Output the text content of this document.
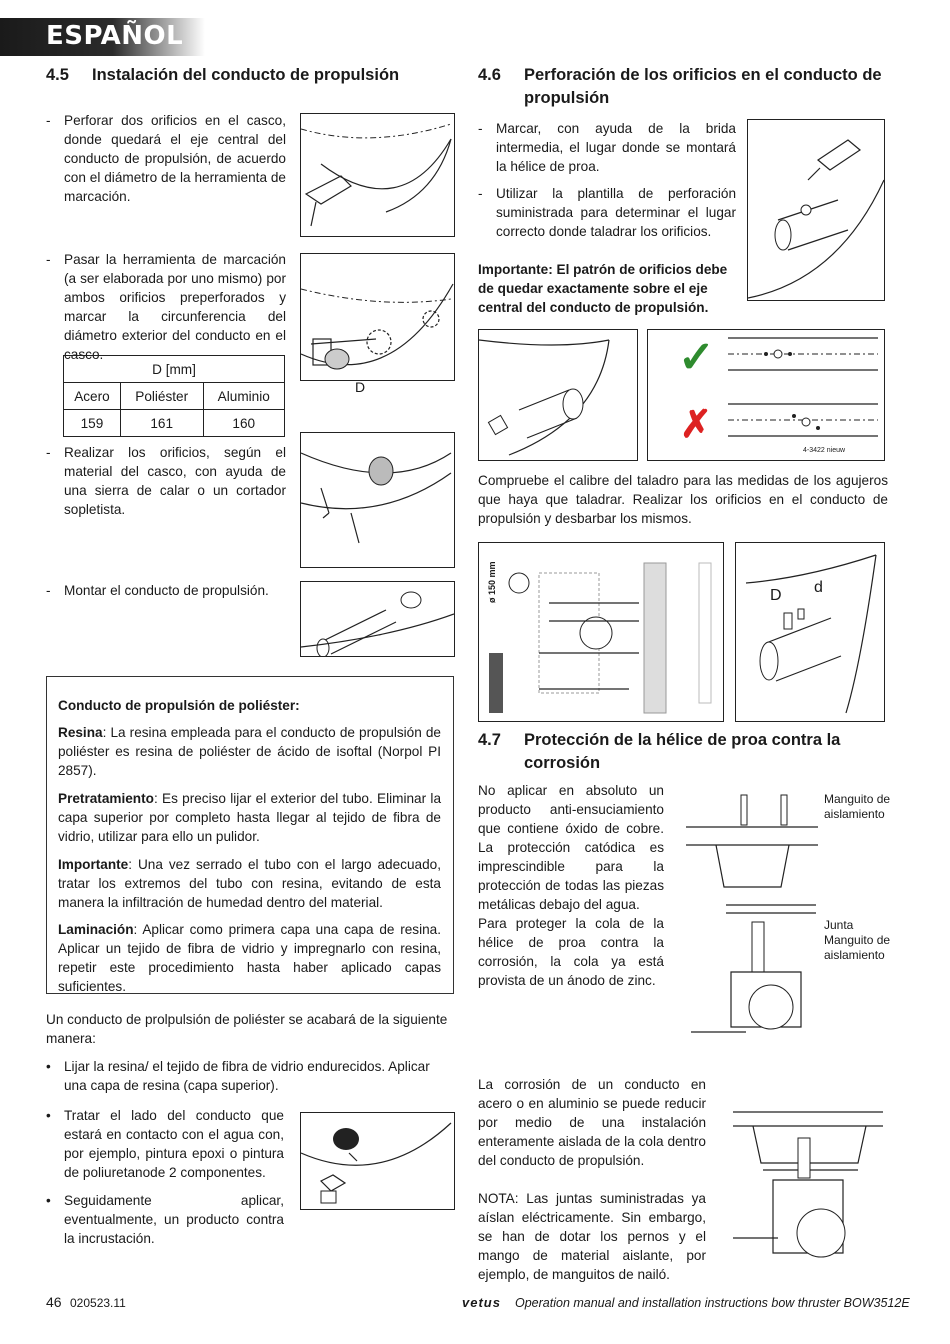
ESPAÑOL
4.5 Instalación del conducto de propulsión
- Perforar dos orificios en el casco, donde quedará el eje central del conducto de propulsión, de acuerdo con el diámetro de la herramienta de marcación.
- Pasar la herramienta de marcación (a ser elaborada por uno mismo) por ambos orificios preperforados y marcar la circunferencia del diámetro exterior del conducto en el casco.
D [mm]		
Acero	Poliéster	Aluminio
159	161	160
- Realizar los orificios, según el material del casco, con ayuda de una sierra de calar o un cortador sopletista.
- Montar el conducto de propulsión.
D
Conducto de propulsión de poliéster:
Resina: La resina empleada para el conducto de propulsión de poliéster es resina de poliéster de ácido de isoftal (Norpol PI 2857).
Pretratamiento: Es preciso lijar el exterior del tubo. Eliminar la capa superior por completo hasta llegar al tejido de fibra de vidrio, utilizar para ello un pulidor.
Importante: Una vez serrado el tubo con el largo adecuado, tratar los extremos del tubo con resina, evitando de esta manera la infiltración de humedad dentro del material.
Laminación: Aplicar como primera capa una capa de resina. Aplicar un tejido de fibra de vidrio y impregnarlo con resina, repetir este procedimiento hasta haber aplicado capas suficientes.
Un conducto de prolpulsión de poliéster se acabará de la siguiente manera:
• Lijar la resina/ el tejido de fibra de vidrio endurecidos. Aplicar una capa de resina (capa superior).
• Tratar el lado del conducto que estará en contacto con el agua con, por ejemplo, pintura epoxi o pintura de poliuretanode 2 componentes.
• Seguidamente aplicar, eventualmente, un producto contra la incrustación.
4.6	Perforación de los orificios en el conducto de propulsión
- Marcar, con ayuda de la brida intermedia, el lugar donde se montará la hélice de proa.
- Utilizar la plantilla de perforación suministrada para determinar el lugar correcto donde taladrar los orificios.
Importante: El patrón de orificios debe de quedar exactamente sobre el eje central del conducto de propulsión.
✓
✗
4-3422 nieuw
Compruebe el calibre del taladro para las medidas de los agujeros que haya que taladrar. Realizar los orificios en el conducto de propulsión y desbarbar los mismos.
ø 150 mm	D d
4.7	Protección de la hélice de proa contra la corrosión
No aplicar en absoluto un producto anti-ensuciamiento que contiene óxido de cobre. La protección catódica es imprescindible para la protección de todas las piezas metálicas debajo del agua.
Para proteger la cola de la hélice de proa contra la corrosión, la cola ya está provista de un ánodo de zinc.
Manguito de aislamiento
Junta
Manguito de aislamiento
La corrosión de un conducto en acero o en aluminio se puede reducir por medio de una instalación enteramente aislada de la cola dentro del conducto de propulsión.
NOTA: Las juntas suministradas ya aíslan eléctricamente. Sin embargo, se han de dotar los pernos y el mango de material aislante, por ejemplo, de manguitos de nailó.
46 020523.11	vetus Operation manual and installation instructions bow thruster BOW3512E
